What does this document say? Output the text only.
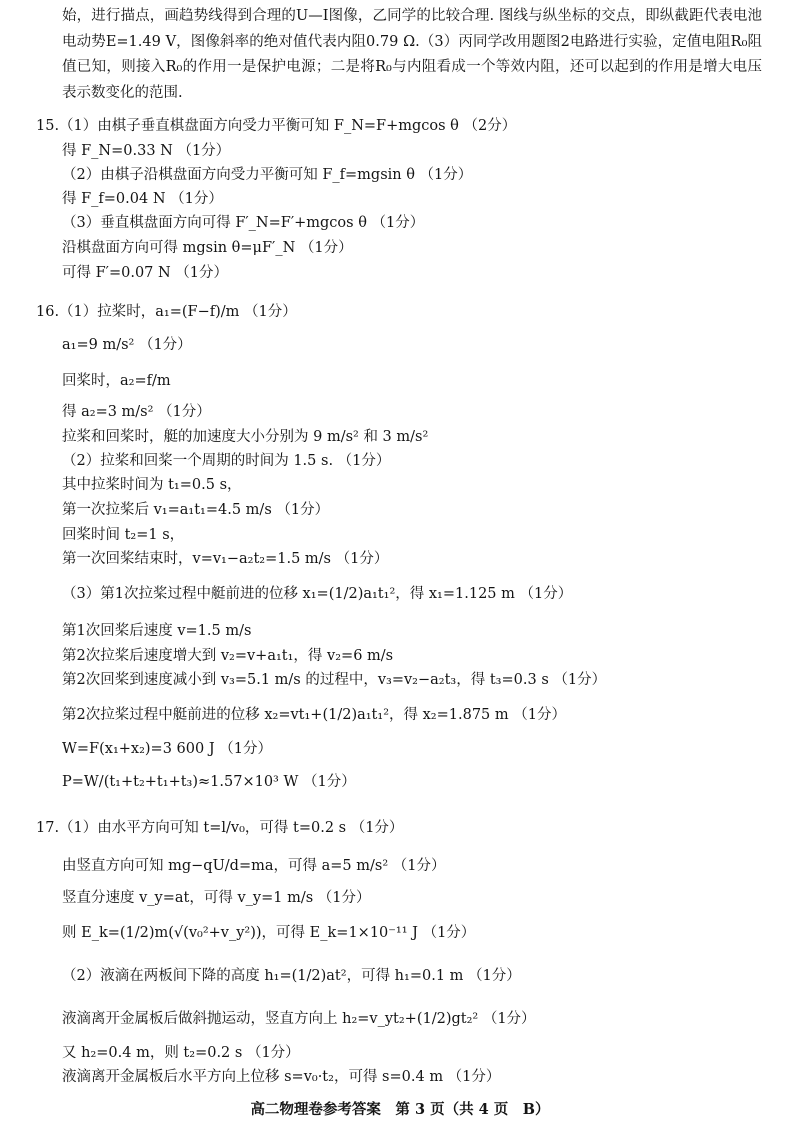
始，进行描点，画趋势线得到合理的U—I图像，乙同学的比较合理. 图线与纵坐标的交点，即纵截距代表电池电动势E=1.49 V，图像斜率的绝对值代表内阻0.79 Ω.（3）丙同学改用题图2电路进行实验，定值电阻R₀阻值已知，则接入R₀的作用一是保护电源；二是将R₀与内阻看成一个等效内阻，还可以起到的作用是增大电压表示数变化的范围.

15.（1）由棋子垂直棋盘面方向受力平衡可知 F_N=F+mgcos θ （2分）
得 F_N=0.33 N （1分）
（2）由棋子沿棋盘面方向受力平衡可知 F_f=mgsin θ （1分）
得 F_f=0.04 N （1分）
（3）垂直棋盘面方向可得 F′_N=F′+mgcos θ （1分）
沿棋盘面方向可得 mgsin θ=μF′_N （1分）
可得 F′=0.07 N （1分）
16.（1）拉桨时，a₁=(F−f)/m （1分）
a₁=9 m/s² （1分）
回桨时，a₂=f/m
得 a₂=3 m/s² （1分）
拉桨和回桨时，艇的加速度大小分别为 9 m/s² 和 3 m/s²
（2）拉桨和回桨一个周期的时间为 1.5 s. （1分）
其中拉桨时间为 t₁=0.5 s，
第一次拉桨后 v₁=a₁t₁=4.5 m/s （1分）
回桨时间 t₂=1 s，
第一次回桨结束时，v=v₁−a₂t₂=1.5 m/s （1分）
（3）第1次拉桨过程中艇前进的位移 x₁=(1/2)a₁t₁²，得 x₁=1.125 m （1分）
第1次回桨后速度 v=1.5 m/s
第2次拉桨后速度增大到 v₂=v+a₁t₁，得 v₂=6 m/s
第2次回桨到速度减小到 v₃=5.1 m/s 的过程中，v₃=v₂−a₂t₃，得 t₃=0.3 s （1分）
第2次拉桨过程中艇前进的位移 x₂=vt₁+(1/2)a₁t₁²，得 x₂=1.875 m （1分）
W=F(x₁+x₂)=3 600 J （1分）
P=W/(t₁+t₂+t₁+t₃)≈1.57×10³ W （1分）
17.（1）由水平方向可知 t=l/v₀，可得 t=0.2 s （1分）
由竖直方向可知 mg−qU/d=ma，可得 a=5 m/s² （1分）
竖直分速度 v_y=at，可得 v_y=1 m/s （1分）
则 E_k=(1/2)m(√(v₀²+v_y²))，可得 E_k=1×10⁻¹¹ J （1分）
（2）液滴在两板间下降的高度 h₁=(1/2)at²，可得 h₁=0.1 m （1分）
液滴离开金属板后做斜抛运动，竖直方向上 h₂=v_yt₂+(1/2)gt₂² （1分）
又 h₂=0.4 m，则 t₂=0.2 s （1分）
液滴离开金属板后水平方向上位移 s=v₀·t₂，可得 s=0.4 m （1分）
高二物理卷参考答案　第 3 页（共 4 页　B）
